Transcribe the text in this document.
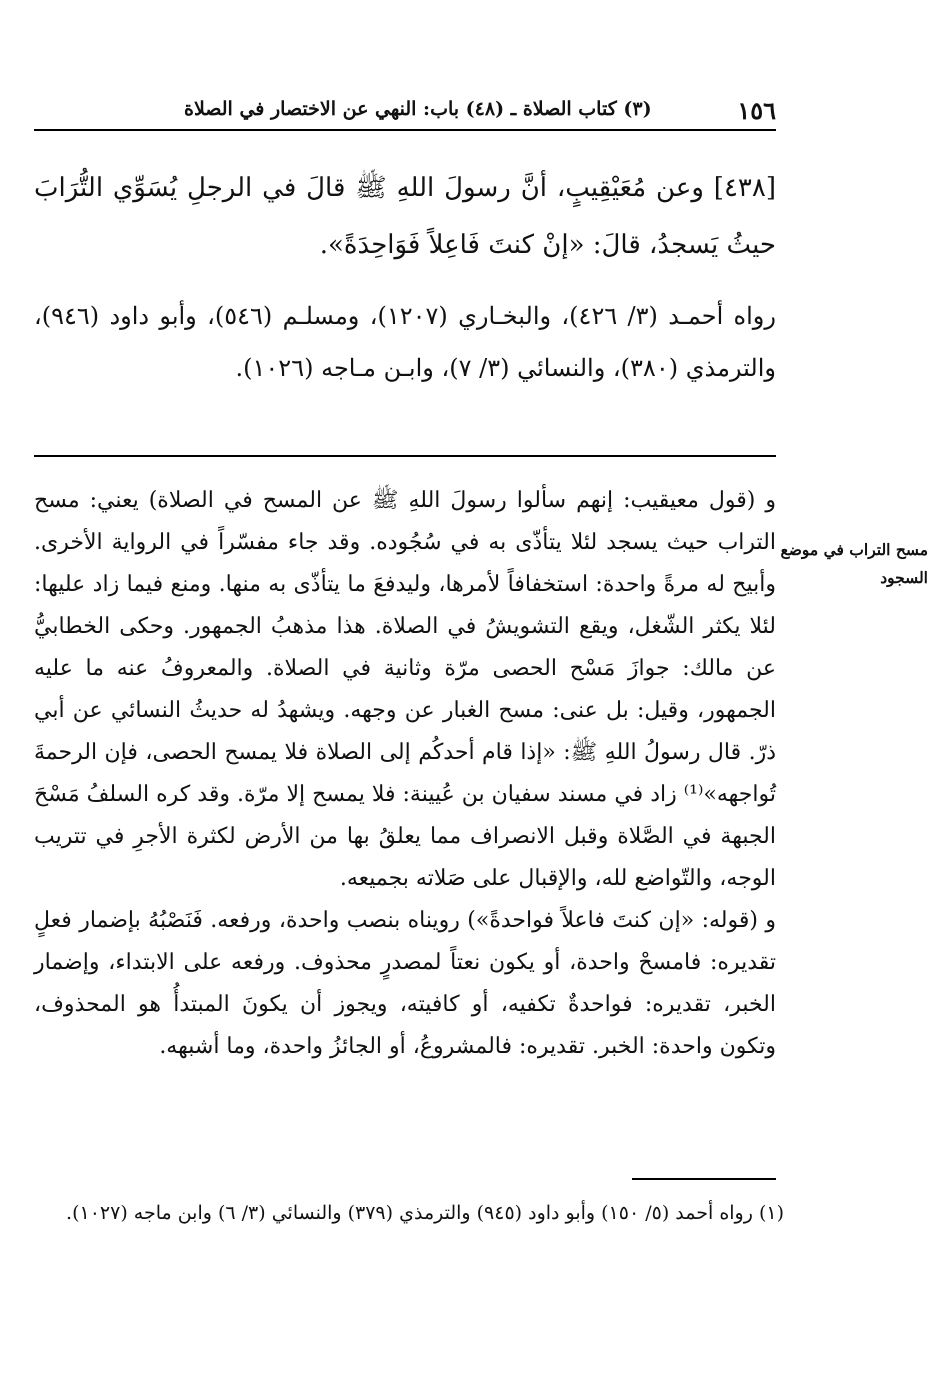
١٥٦
(٣) كتاب الصلاة ـ (٤٨) باب: النهي عن الاختصار في الصلاة

[٤٣٨] وعن مُعَيْقِيبٍ، أنَّ رسولَ اللهِ ﷺ قالَ في الرجلِ يُسَوِّي التُّرَابَ حيثُ يَسجدُ، قالَ: «إنْ كنتَ فَاعِلاً فَوَاحِدَةً».

رواه أحمـد (٣/ ٤٢٦)، والبخـاري (١٢٠٧)، ومسلـم (٥٤٦)، وأبو داود (٩٤٦)، والترمذي (٣٨٠)، والنسائي (٣/ ٧)، وابـن مـاجه (١٠٢٦).

مسح التراب في موضع السجود

و (قول معيقيب: إنهم سألوا رسولَ اللهِ ﷺ عن المسح في الصلاة) يعني: مسح التراب حيث يسجد لئلا يتأذّى به في سُجُوده. وقد جاء مفسّراً في الرواية الأخرى. وأبيح له مرةً واحدة: استخفافاً لأمرها، وليدفعَ ما يتأذّى به منها. ومنع فيما زاد عليها: لئلا يكثر الشّغل، ويقع التشويشُ في الصلاة. هذا مذهبُ الجمهور. وحكى الخطابيُّ عن مالك: جوازَ مَسْح الحصى مرّة وثانية في الصلاة. والمعروفُ عنه ما عليه الجمهور، وقيل: بل عنى: مسح الغبار عن وجهه. ويشهدُ له حديثُ النسائي عن أبي ذرّ. قال رسولُ اللهِ ﷺ: «إذا قام أحدكُم إلى الصلاة فلا يمسح الحصى، فإن الرحمةَ تُواجهه»⁽¹⁾ زاد في مسند سفيان بن عُيينة: فلا يمسح إلا مرّة. وقد كره السلفُ مَسْحَ الجبهة في الصَّلاة وقبل الانصراف مما يعلقُ بها من الأرض لكثرة الأجرِ في تتريب الوجه، والتّواضع لله، والإقبال على صَلاته بجميعه.

و (قوله: «إن كنتَ فاعلاً فواحدةً») رويناه بنصب واحدة، ورفعه. فَنَصْبُهُ بإضمار فعلٍ تقديره: فامسحْ واحدة، أو يكون نعتاً لمصدرٍ محذوف. ورفعه على الابتداء، وإضمار الخبر، تقديره: فواحدةٌ تكفيه، أو كافيته، ويجوز أن يكونَ المبتدأُ هو المحذوف، وتكون واحدة: الخبر. تقديره: فالمشروعُ، أو الجائزُ واحدة، وما أشبهه.

(١) رواه أحمد (٥/ ١٥٠) وأبو داود (٩٤٥) والترمذي (٣٧٩) والنسائي (٣/ ٦) وابن ماجه (١٠٢٧).
